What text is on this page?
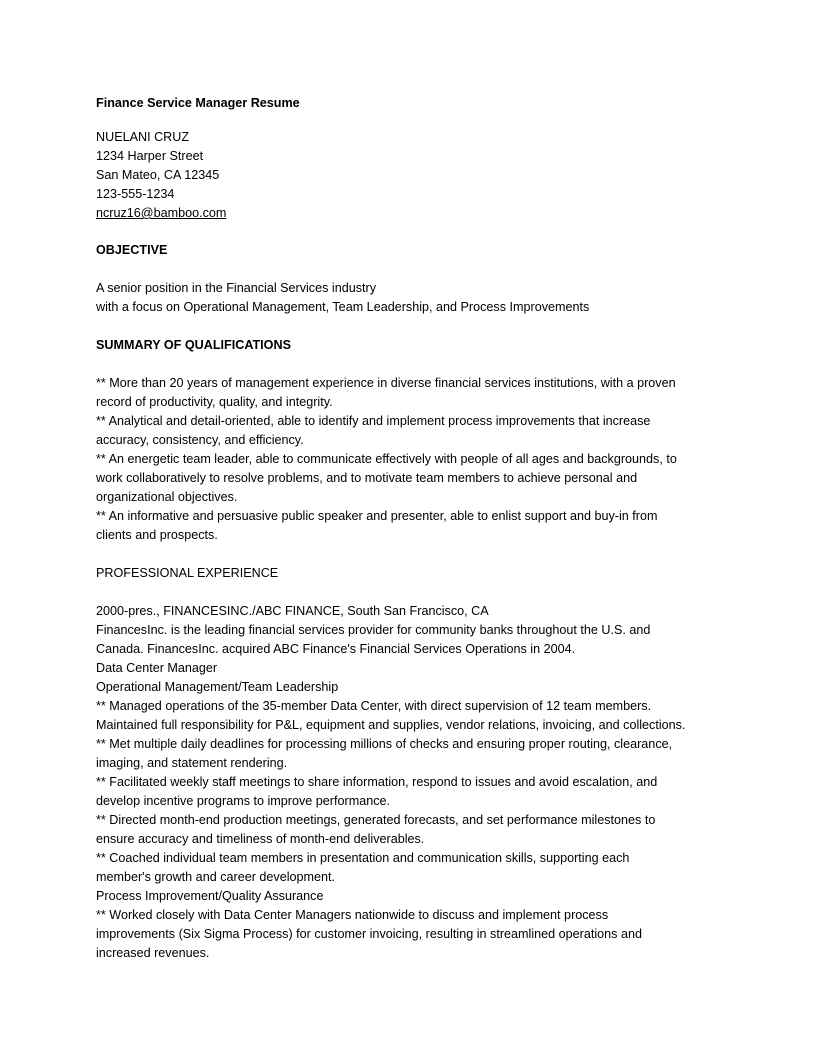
Finance Service Manager Resume
NUELANI CRUZ
1234 Harper Street
San Mateo, CA 12345
123-555-1234
ncruz16@bamboo.com
OBJECTIVE
A senior position in the Financial Services industry
with a focus on Operational Management, Team Leadership, and Process Improvements
SUMMARY OF QUALIFICATIONS
** More than 20 years of management experience in diverse financial services institutions, with a proven
record of productivity, quality, and integrity.
** Analytical and detail-oriented, able to identify and implement process improvements that increase
accuracy, consistency, and efficiency.
** An energetic team leader, able to communicate effectively with people of all ages and backgrounds, to
work collaboratively to resolve problems, and to motivate team members to achieve personal and
organizational objectives.
** An informative and persuasive public speaker and presenter, able to enlist support and buy-in from
clients and prospects.
PROFESSIONAL EXPERIENCE
2000-pres., FINANCESINC./ABC FINANCE, South San Francisco, CA
FinancesInc. is the leading financial services provider for community banks throughout the U.S. and
Canada. FinancesInc. acquired ABC Finance's Financial Services Operations in 2004.
Data Center Manager
Operational Management/Team Leadership
** Managed operations of the 35-member Data Center, with direct supervision of 12 team members.
Maintained full responsibility for P&L, equipment and supplies, vendor relations, invoicing, and collections.
** Met multiple daily deadlines for processing millions of checks and ensuring proper routing, clearance,
imaging, and statement rendering.
** Facilitated weekly staff meetings to share information, respond to issues and avoid escalation, and
develop incentive programs to improve performance.
** Directed month-end production meetings, generated forecasts, and set performance milestones to
ensure accuracy and timeliness of month-end deliverables.
** Coached individual team members in presentation and communication skills, supporting each
member's growth and career development.
Process Improvement/Quality Assurance
** Worked closely with Data Center Managers nationwide to discuss and implement process
improvements (Six Sigma Process) for customer invoicing, resulting in streamlined operations and
increased revenues.
